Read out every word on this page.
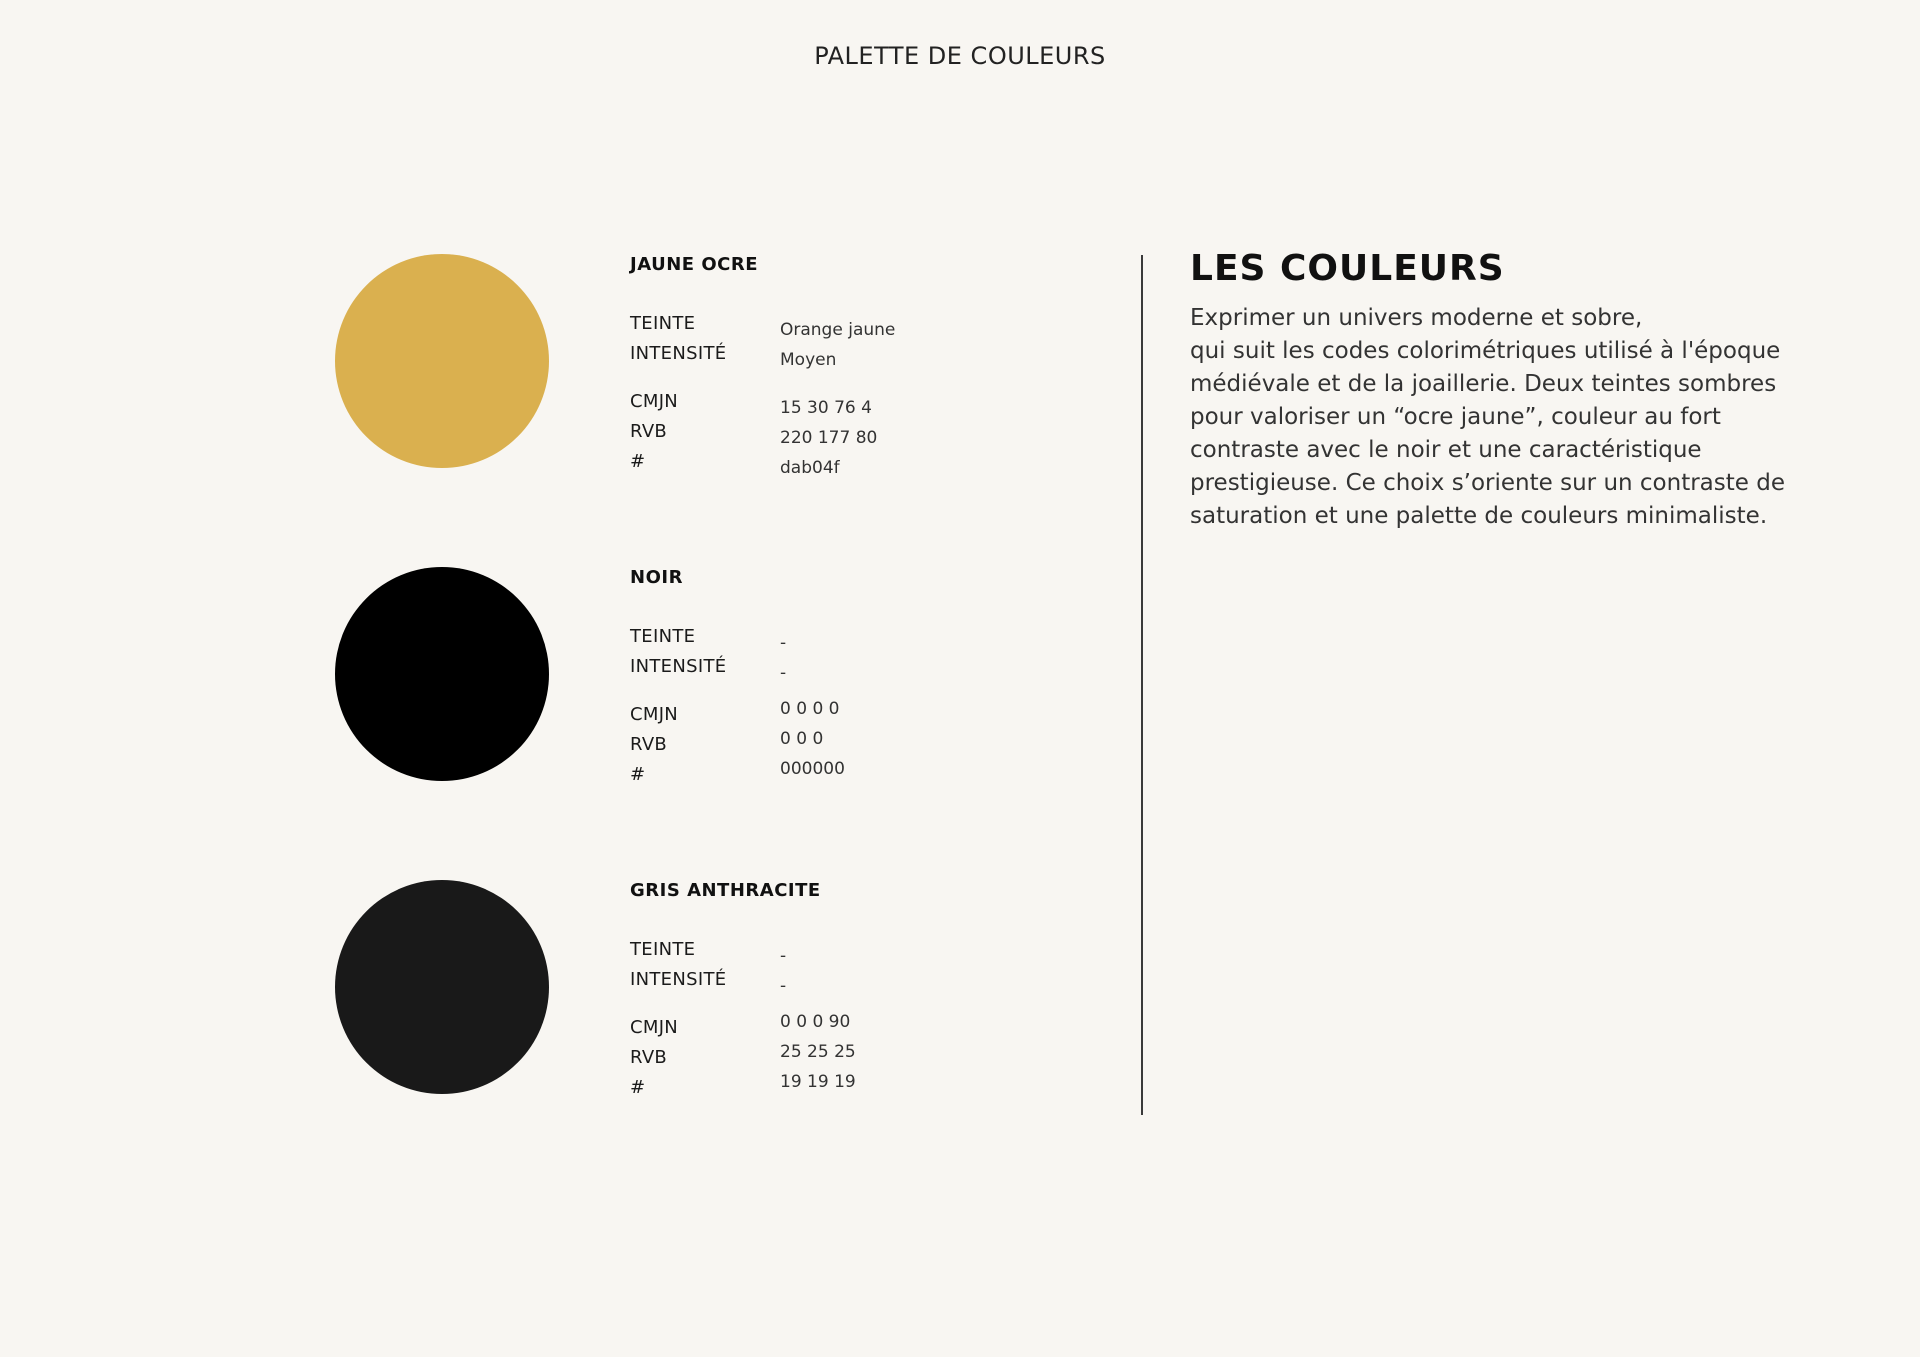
PALETTE DE COULEURS
JAUNE OCRE
TEINTE
INTENSITÉ
CMJN
RVB
#
Orange jaune
Moyen
15 30 76 4
220 177 80
dab04f
NOIR
TEINTE
INTENSITÉ
CMJN
RVB
#
-
-
0 0 0 0
0 0 0
000000
GRIS ANTHRACITE
TEINTE
INTENSITÉ
CMJN
RVB
#
-
-
0 0 0 90
25 25 25
19 19 19
LES COULEURS

Exprimer un univers moderne et sobre,

qui suit les codes colorimétriques utilisé à l'époque médiévale et de la joaillerie. Deux teintes sombres pour valoriser un “ocre jaune”, couleur au fort contraste avec le noir et une caractéristique prestigieuse. Ce choix s’oriente sur un contraste de saturation et une palette de couleurs minimaliste.
